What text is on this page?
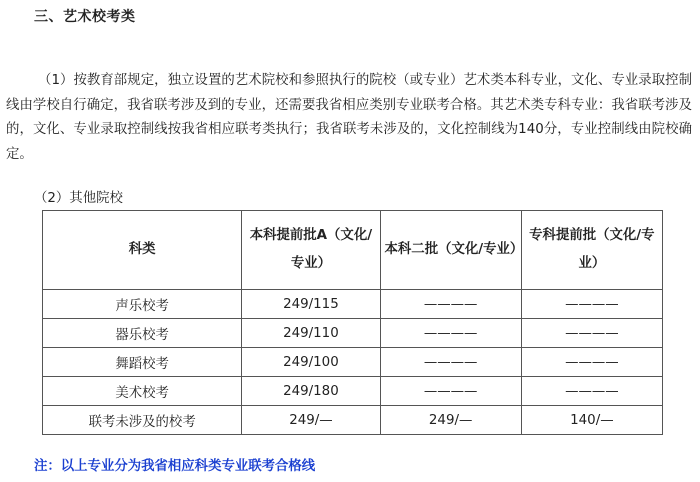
三、艺术校考类

（1）按教育部规定，独立设置的艺术院校和参照执行的院校（或专业）艺术类本科专业，文化、专业录取控制线由学校自行确定，我省联考涉及到的专业，还需要我省相应类别专业联考合格。其艺术类专科专业：我省联考涉及的，文化、专业录取控制线按我省相应联考类执行；我省联考未涉及的，文化控制线为140分，专业控制线由院校确定。

（2）其他院校
科类	本科提前批A（文化/专业）	本科二批（文化/专业）	专科提前批（文化/专业）
声乐校考	249/115	————	————
器乐校考	249/110	————	————
舞蹈校考	249/100	————	————
美术校考	249/180	————	————
联考未涉及的校考	249/—	249/—	140/—
注：以上专业分为我省相应科类专业联考合格线
